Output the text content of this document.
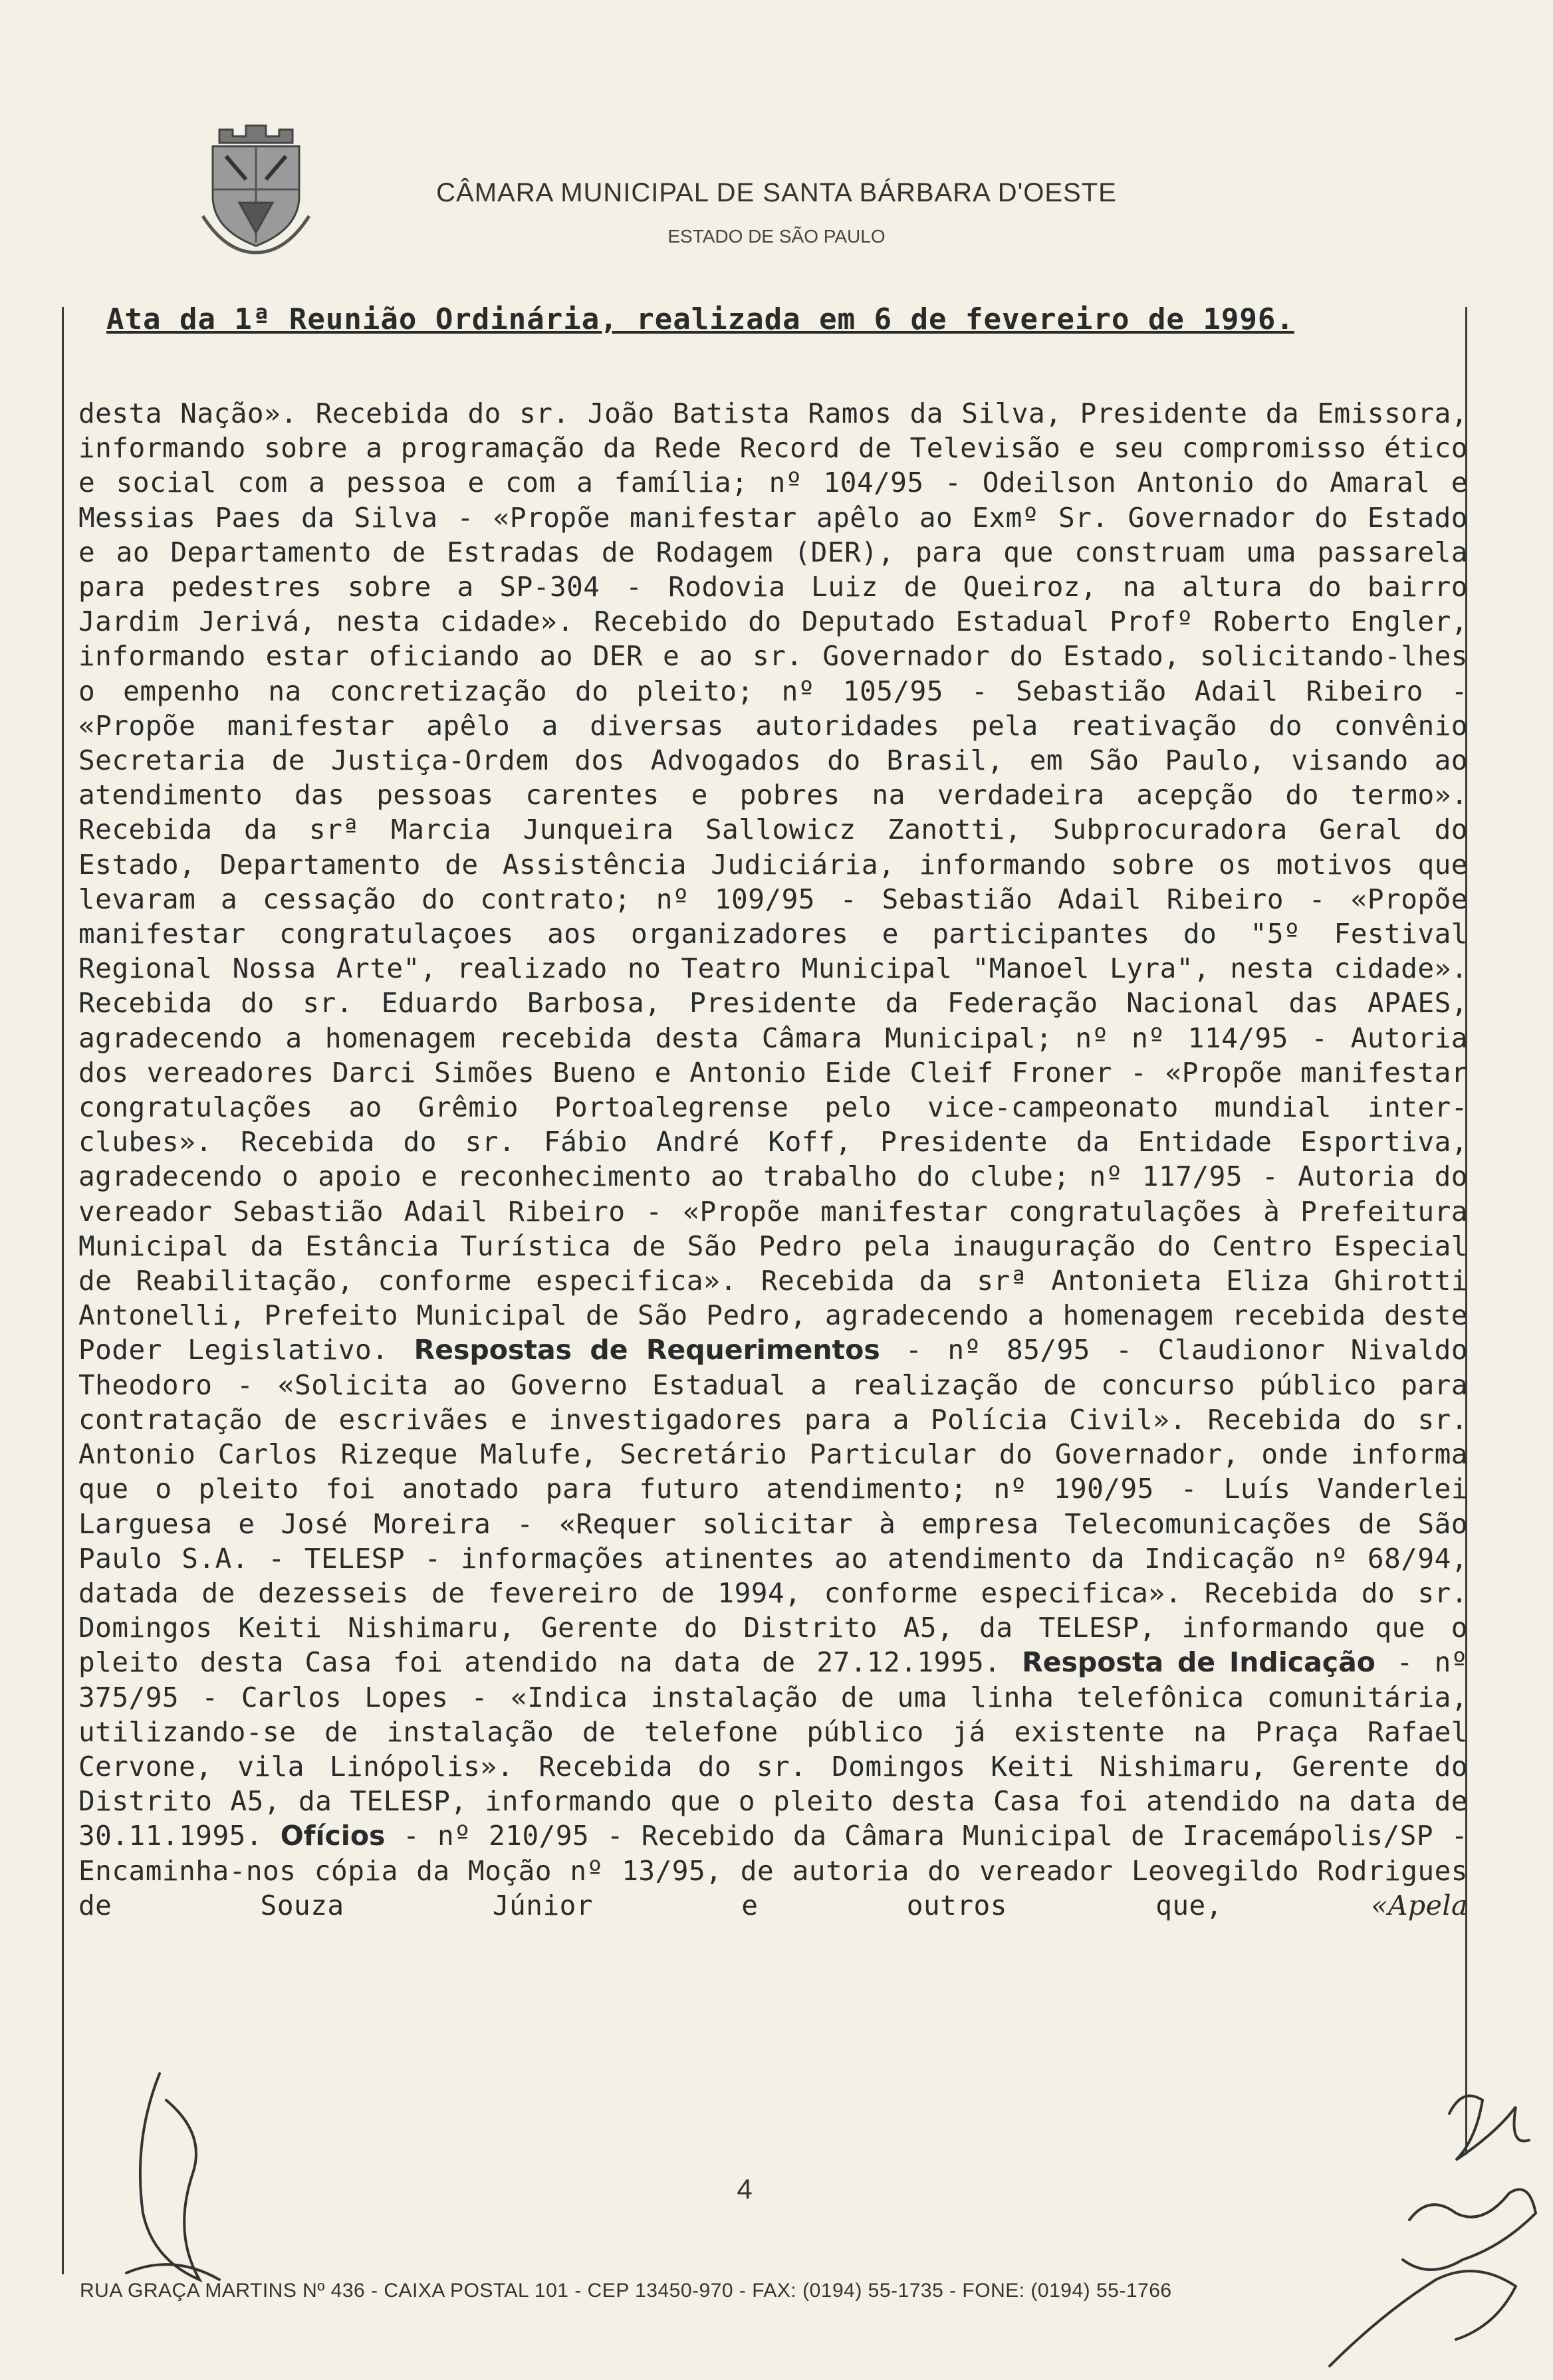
CÂMARA MUNICIPAL DE SANTA BÁRBARA D'OESTE
ESTADO DE SÃO PAULO
Ata da 1ª Reunião Ordinária, realizada em 6 de fevereiro de 1996.
desta Nação». Recebida do sr. João Batista Ramos da Silva, Presidente da Emissora, informando sobre a programação da Rede Record de Televisão e seu compromisso ético e social com a pessoa e com a família; nº 104/95 - Odeilson Antonio do Amaral e Messias Paes da Silva - «Propõe manifestar apêlo ao Exmº Sr. Governador do Estado e ao Departamento de Estradas de Rodagem (DER), para que construam uma passarela para pedestres sobre a SP-304 - Rodovia Luiz de Queiroz, na altura do bairro Jardim Jerivá, nesta cidade». Recebido do Deputado Estadual Profº Roberto Engler, informando estar oficiando ao DER e ao sr. Governador do Estado, solicitando-lhes o empenho na concretização do pleito; nº 105/95 - Sebastião Adail Ribeiro - «Propõe manifestar apêlo a diversas autoridades pela reativação do convênio Secretaria de Justiça-Ordem dos Advogados do Brasil, em São Paulo, visando ao atendimento das pessoas carentes e pobres na verdadeira acepção do termo». Recebida da srª Marcia Junqueira Sallowicz Zanotti, Subprocuradora Geral do Estado, Departamento de Assistência Judiciária, informando sobre os motivos que levaram a cessação do contrato; nº 109/95 - Sebastião Adail Ribeiro - «Propõe manifestar congratulaçoes aos organizadores e participantes do "5º Festival Regional Nossa Arte", realizado no Teatro Municipal "Manoel Lyra", nesta cidade». Recebida do sr. Eduardo Barbosa, Presidente da Federação Nacional das APAES, agradecendo a homenagem recebida desta Câmara Municipal; nº nº 114/95 - Autoria dos vereadores Darci Simões Bueno e Antonio Eide Cleif Froner - «Propõe manifestar congratulações ao Grêmio Portoalegrense pelo vice-campeonato mundial inter-clubes». Recebida do sr. Fábio André Koff, Presidente da Entidade Esportiva, agradecendo o apoio e reconhecimento ao trabalho do clube; nº 117/95 - Autoria do vereador Sebastião Adail Ribeiro - «Propõe manifestar congratulações à Prefeitura Municipal da Estância Turística de São Pedro pela inauguração do Centro Especial de Reabilitação, conforme especifica». Recebida da srª Antonieta Eliza Ghirotti Antonelli, Prefeito Municipal de São Pedro, agradecendo a homenagem recebida deste Poder Legislativo. Respostas de Requerimentos - nº 85/95 - Claudionor Nivaldo Theodoro - «Solicita ao Governo Estadual a realização de concurso público para contratação de escrivães e investigadores para a Polícia Civil». Recebida do sr. Antonio Carlos Rizeque Malufe, Secretário Particular do Governador, onde informa que o pleito foi anotado para futuro atendimento; nº 190/95 - Luís Vanderlei Larguesa e José Moreira - «Requer solicitar à empresa Telecomunicações de São Paulo S.A. - TELESP - informações atinentes ao atendimento da Indicação nº 68/94, datada de dezesseis de fevereiro de 1994, conforme especifica». Recebida do sr. Domingos Keiti Nishimaru, Gerente do Distrito A5, da TELESP, informando que o pleito desta Casa foi atendido na data de 27.12.1995. Resposta de Indicação - nº 375/95 - Carlos Lopes - «Indica instalação de uma linha telefônica comunitária, utilizando-se de instalação de telefone público já existente na Praça Rafael Cervone, vila Linópolis». Recebida do sr. Domingos Keiti Nishimaru, Gerente do Distrito A5, da TELESP, informando que o pleito desta Casa foi atendido na data de 30.11.1995. Ofícios - nº 210/95 - Recebido da Câmara Municipal de Iracemápolis/SP - Encaminha-nos cópia da Moção nº 13/95, de autoria do vereador Leovegildo Rodrigues de Souza Júnior e outros que, «Apela
4
RUA GRAÇA MARTINS Nº 436 - CAIXA POSTAL 101 - CEP 13450-970 - FAX: (0194) 55-1735 - FONE: (0194) 55-1766
